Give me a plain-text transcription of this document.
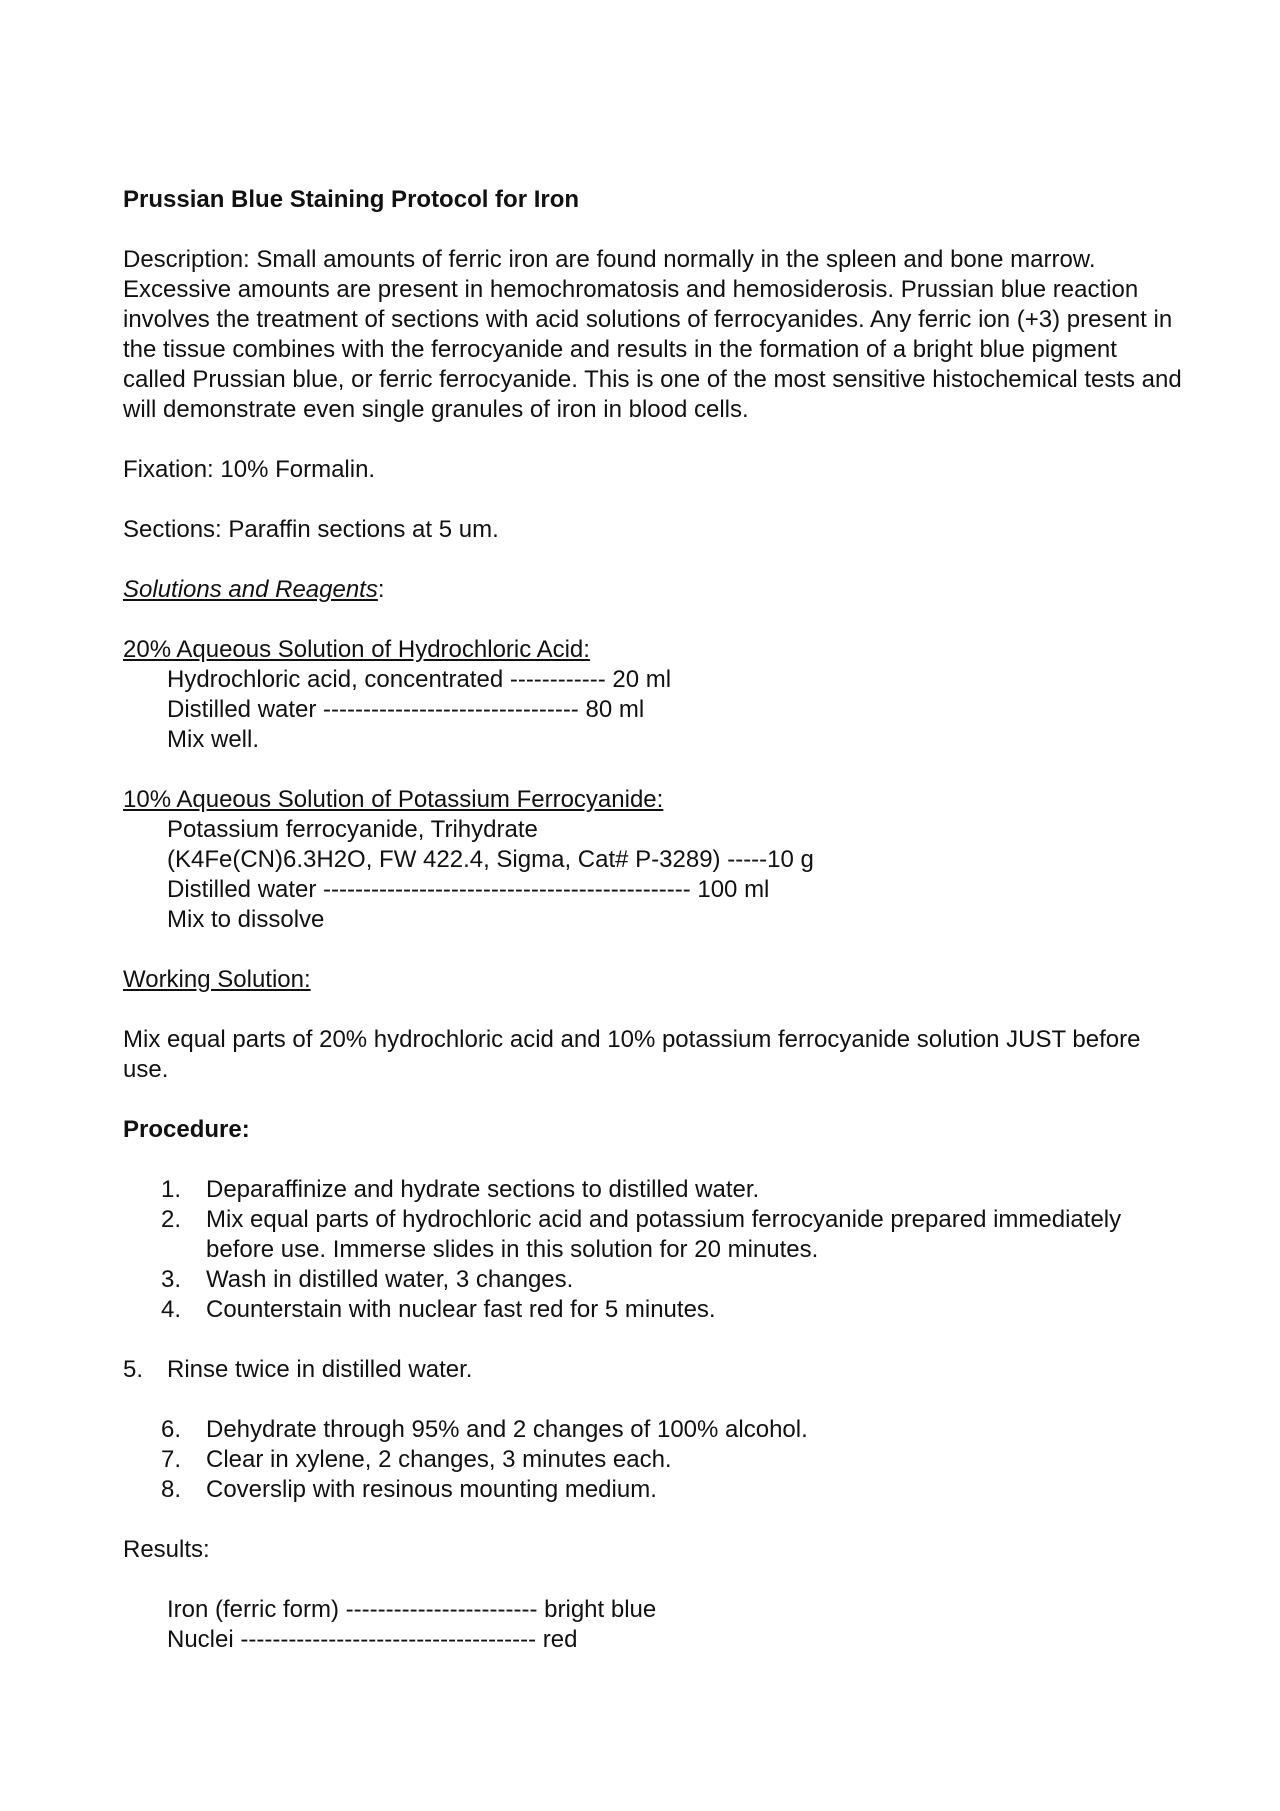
Prussian Blue Staining Protocol for Iron

Description: Small amounts of ferric iron are found normally in the spleen and bone marrow. Excessive amounts are present in hemochromatosis and hemosiderosis. Prussian blue reaction involves the treatment of sections with acid solutions of ferrocyanides. Any ferric ion (+3) present in the tissue combines with the ferrocyanide and results in the formation of a bright blue pigment called Prussian blue, or ferric ferrocyanide. This is one of the most sensitive histochemical tests and will demonstrate even single granules of iron in blood cells.

Fixation: 10% Formalin.

Sections: Paraffin sections at 5 um.

Solutions and Reagents:

20% Aqueous Solution of Hydrochloric Acid:
Hydrochloric acid, concentrated ------------ 20 ml
Distilled water -------------------------------- 80 ml
Mix well.
10% Aqueous Solution of Potassium Ferrocyanide:
Potassium ferrocyanide, Trihydrate
(K4Fe(CN)6.3H2O, FW 422.4, Sigma, Cat# P-3289) -----10 g
Distilled water ---------------------------------------------- 100 ml
Mix to dissolve

Working Solution:

Mix equal parts of 20% hydrochloric acid and 10% potassium ferrocyanide solution JUST before use.

Procedure:

1. Deparaffinize and hydrate sections to distilled water.
2. Mix equal parts of hydrochloric acid and potassium ferrocyanide prepared immediately before use. Immerse slides in this solution for 20 minutes.
3. Wash in distilled water, 3 changes.
4. Counterstain with nuclear fast red for 5 minutes.
5. Rinse twice in distilled water.
6. Dehydrate through 95% and 2 changes of 100% alcohol.
7. Clear in xylene, 2 changes, 3 minutes each.
8. Coverslip with resinous mounting medium.

Results:

Iron (ferric form) ------------------------ bright blue
Nuclei ------------------------------------- red
